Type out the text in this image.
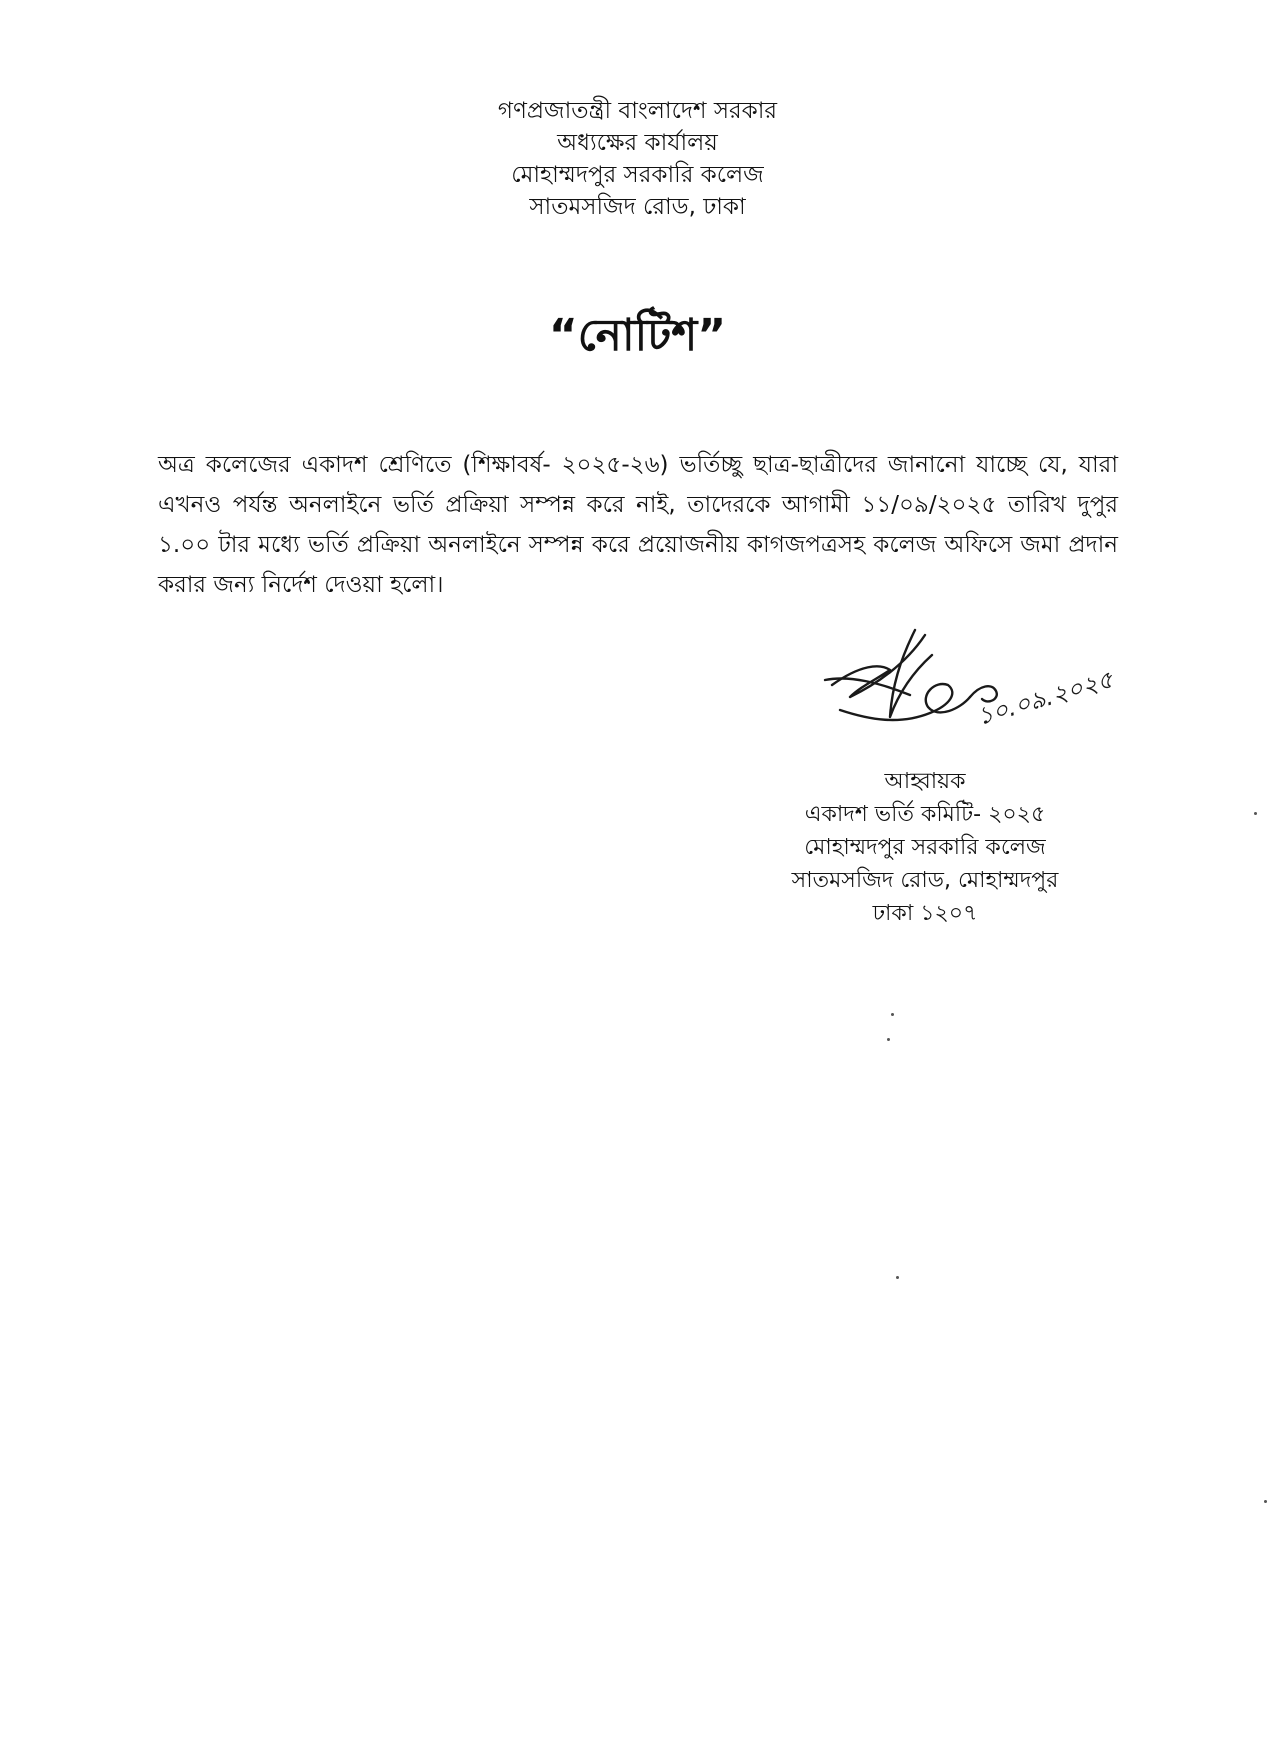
গণপ্রজাতন্ত্রী বাংলাদেশ সরকার
অধ্যক্ষের কার্যালয়
মোহাম্মদপুর সরকারি কলেজ
সাতমসজিদ রোড, ঢাকা
“নোটিশ”
অত্র কলেজের একাদশ শ্রেণিতে (শিক্ষাবর্ষ- ২০২৫-২৬) ভর্তিচ্ছু ছাত্র-ছাত্রীদের জানানো যাচ্ছে যে, যারা এখনও পর্যন্ত অনলাইনে ভর্তি প্রক্রিয়া সম্পন্ন করে নাই, তাদেরকে আগামী ১১/০৯/২০২৫ তারিখ দুপুর ১.০০ টার মধ্যে ভর্তি প্রক্রিয়া অনলাইনে সম্পন্ন করে প্রয়োজনীয় কাগজপত্রসহ কলেজ অফিসে জমা প্রদান করার জন্য নির্দেশ দেওয়া হলো।
১০.০৯.২০২৫
আহ্বায়ক
একাদশ ভর্তি কমিটি- ২০২৫
মোহাম্মদপুর সরকারি কলেজ
সাতমসজিদ রোড, মোহাম্মদপুর
ঢাকা ১২০৭
